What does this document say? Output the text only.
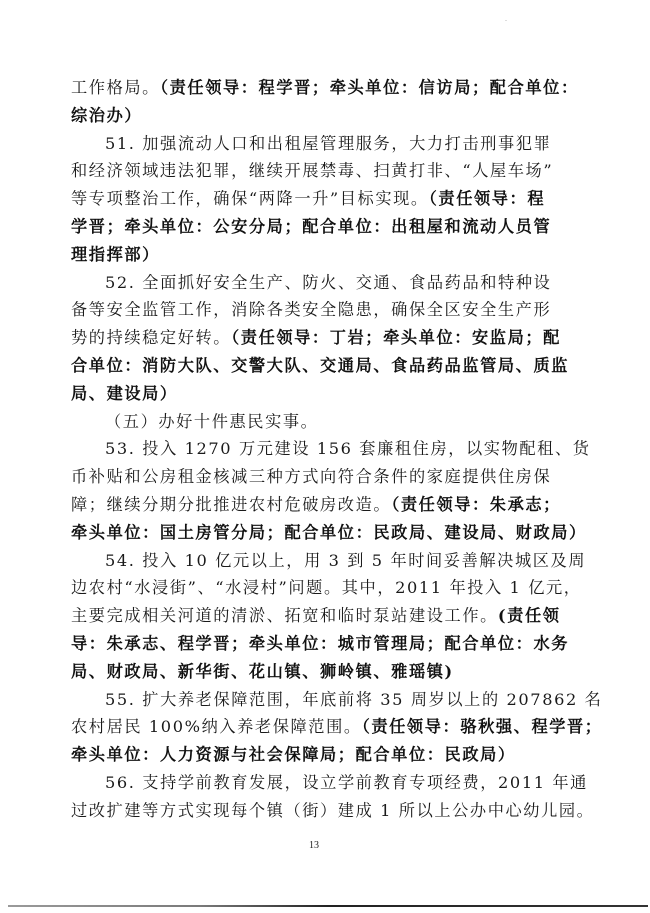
工作格局。（责任领导：程学晋；牵头单位：信访局；配合单位：
综治办）
51. 加强流动人口和出租屋管理服务，大力打击刑事犯罪
和经济领域违法犯罪，继续开展禁毒、扫黄打非、“人屋车场”
等专项整治工作，确保“两降一升”目标实现。（责任领导：程
学晋；牵头单位：公安分局；配合单位：出租屋和流动人员管
理指挥部）
52. 全面抓好安全生产、防火、交通、食品药品和特种设
备等安全监管工作，消除各类安全隐患，确保全区安全生产形
势的持续稳定好转。（责任领导：丁岩；牵头单位：安监局；配
合单位：消防大队、交警大队、交通局、食品药品监管局、质监
局、建设局）
（五）办好十件惠民实事。
53. 投入 1270 万元建设 156 套廉租住房，以实物配租、货
币补贴和公房租金核减三种方式向符合条件的家庭提供住房保
障；继续分期分批推进农村危破房改造。（责任领导：朱承志；
牵头单位：国土房管分局；配合单位：民政局、建设局、财政局）
54. 投入 10 亿元以上，用 3 到 5 年时间妥善解决城区及周
边农村“水浸街”、“水浸村”问题。其中，2011 年投入 1 亿元，
主要完成相关河道的清淤、拓宽和临时泵站建设工作。(责任领
导：朱承志、程学晋；牵头单位：城市管理局；配合单位：水务
局、财政局、新华街、花山镇、狮岭镇、雅瑶镇)
55. 扩大养老保障范围，年底前将 35 周岁以上的 207862 名
农村居民 100%纳入养老保障范围。（责任领导：骆秋强、程学晋；
牵头单位：人力资源与社会保障局；配合单位：民政局）
56. 支持学前教育发展，设立学前教育专项经费，2011 年通
过改扩建等方式实现每个镇（街）建成 1 所以上公办中心幼儿园。
13
